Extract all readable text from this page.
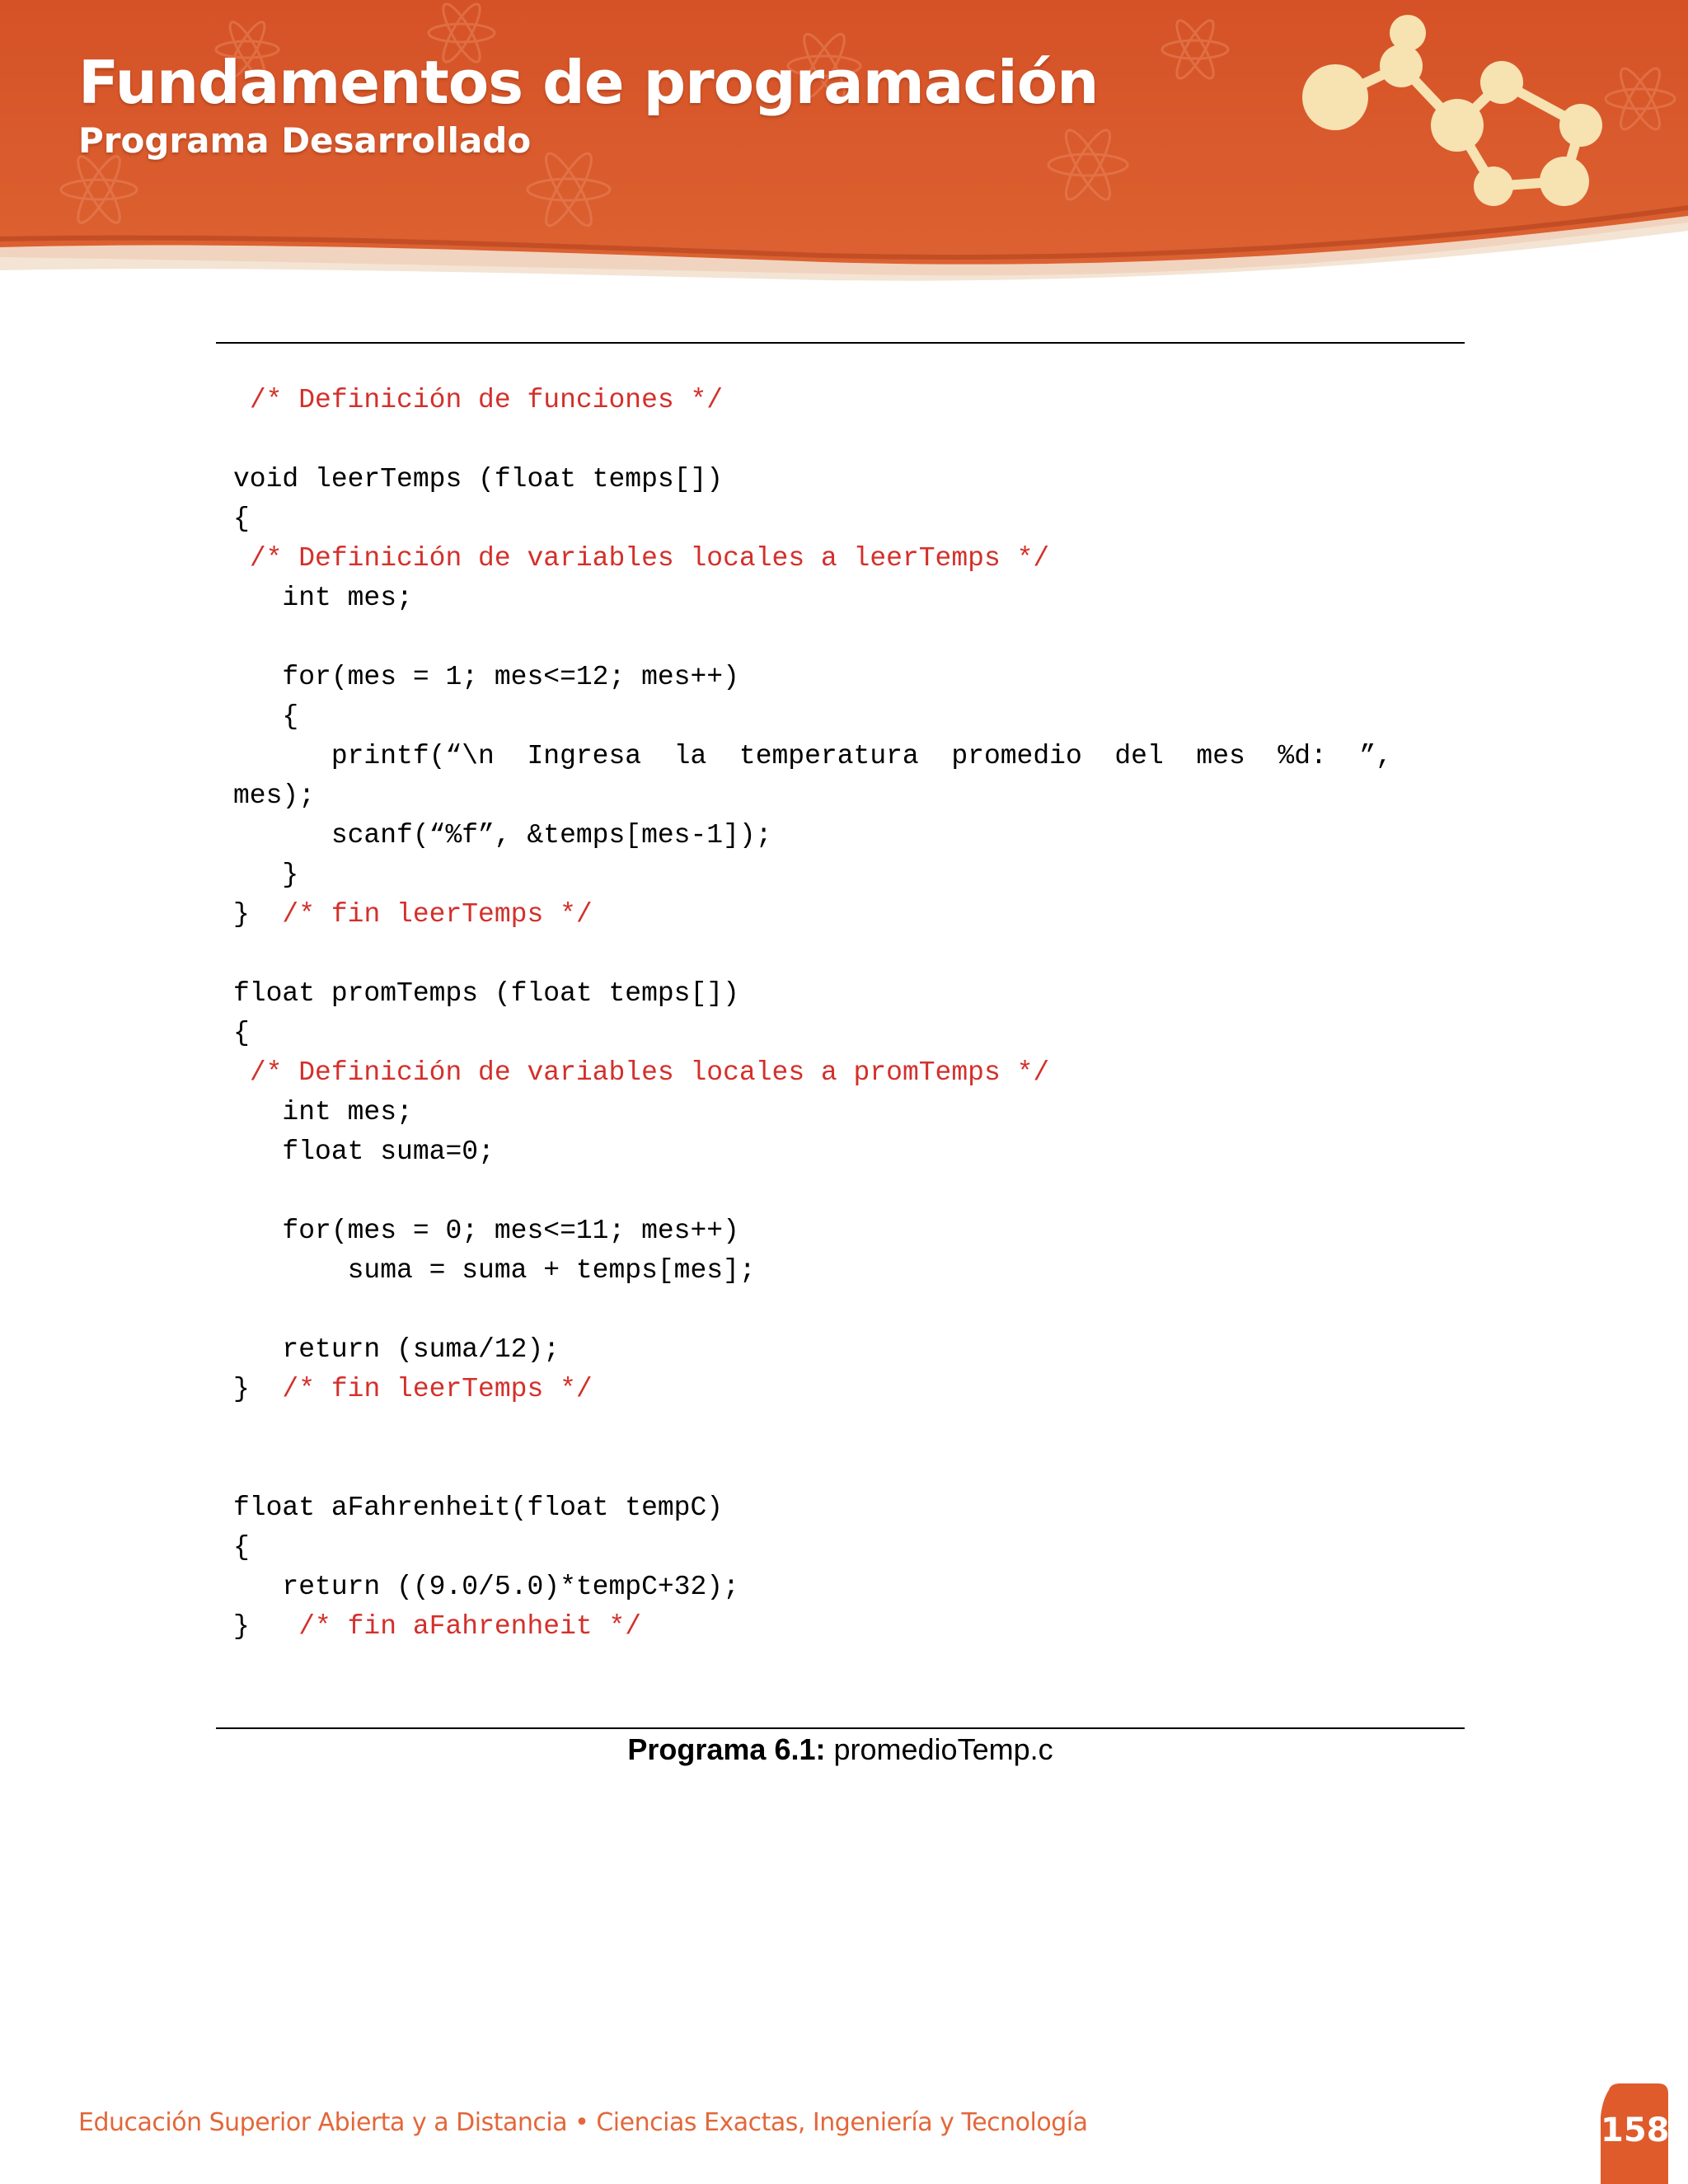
Fundamentos de programación
Programa Desarrollado
/* Definición de funciones */
void leerTemps (float temps[])
{
/* Definición de variables locales a leerTemps */
int mes;
for(mes = 1; mes<=12; mes++)
{
printf(“\n  Ingresa  la  temperatura  promedio  del  mes  %d:  ”,
mes);
scanf(“%f”, &temps[mes-1]);
}
}  /* fin leerTemps */
float promTemps (float temps[])
{
/* Definición de variables locales a promTemps */
int mes;
float suma=0;
for(mes = 0; mes<=11; mes++)
suma = suma + temps[mes];
return (suma/12);
}  /* fin leerTemps */
float aFahrenheit(float tempC)
{
return ((9.0/5.0)*tempC+32);
}   /* fin aFahrenheit */
Programa 6.1: promedioTemp.c
Educación Superior Abierta y a Distancia • Ciencias Exactas, Ingeniería y Tecnología	158
